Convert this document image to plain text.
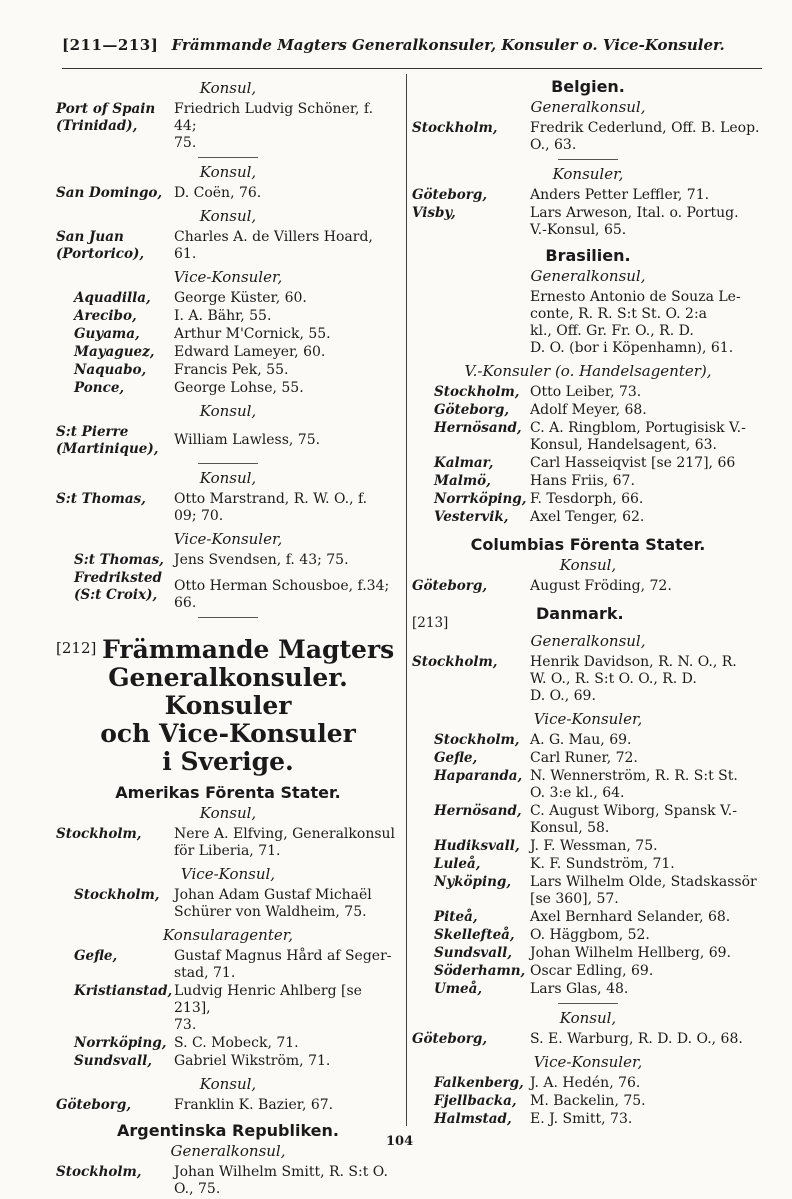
[211—213] Främmande Magters Generalkonsuler, Konsuler o. Vice-Konsuler.
Konsul,
Port of Spain
(Trinidad),
Friedrich Ludvig Schöner, f. 44;
75.
Konsul,
San Domingo, D. Coën, 76.
Konsul,
San Juan
(Portorico),
Charles A. de Villers Hoard,
61.
Vice-Konsuler,
Aquadilla,	George Küster, 60.
Arecibo,	I. A. Bähr, 55.
Guyama,	Arthur M'Cornick, 55.
Mayaguez,	Edward Lameyer, 60.
Naquabo,	Francis Pek, 55.
Ponce,	George Lohse, 55.
Konsul,
S:t Pierre
(Martinique),
William Lawless, 75.
Konsul,
S:t Thomas,	Otto Marstrand, R. W. O., f.
09; 70.
Vice-Konsuler,
S:t Thomas, Jens Svendsen, f. 43; 75.
Fredriksted
(S:t Croix),
Otto Herman Schousboe, f.34; 66.
[212] Främmande Magters
Generalkonsuler. Konsuler
och Vice-Konsuler
i Sverige.
Amerikas Förenta Stater.
Konsul,
Stockholm,	Nere A. Elfving, Generalkonsul
för Liberia, 71.
Vice-Konsul,
Stockholm,	Johan Adam Gustaf Michaël
Schürer von Waldheim, 75.
Konsularagenter,
Gefle,	Gustaf Magnus Hård af Seger-
stad, 71.
Kristianstad, Ludvig Henric Ahlberg [se 213],
73.
Norrköping, S. C. Mobeck, 71.
Sundsvall,	Gabriel Wikström, 71.
Konsul,
Göteborg,	Franklin K. Bazier, 67.
Argentinska Republiken.
Generalkonsul,
Stockholm,	Johan Wilhelm Smitt, R. S:t O.
O., 75.
Belgien.
Generalkonsul,
Stockholm,	Fredrik Cederlund, Off. B. Leop.
O., 63.
Konsuler,
Göteborg,	Anders Petter Leffler, 71.
Visby,	Lars Arweson, Ital. o. Portug.
V.-Konsul, 65.
Brasilien.
Generalkonsul,
Ernesto Antonio de Souza Le-
conte, R. R. S:t St. O. 2:a
kl., Off. Gr. Fr. O., R. D.
D. O. (bor i Köpenhamn), 61.
V.-Konsuler (o. Handelsagenter),
Stockholm, Otto Leiber, 73.
Göteborg,	Adolf Meyer, 68.
Hernösand, C. A. Ringblom, Portugisisk V.-
Konsul, Handelsagent, 63.
Kalmar,	Carl Hasseiqvist [se 217], 66
Malmö,	Hans Friis, 67.
Norrköping, F. Tesdorph, 66.
Vestervik,	Axel Tenger, 62.
Columbias Förenta Stater.
Konsul,
Göteborg,	August Fröding, 72.
[213]	Danmark.
Generalkonsul,
Stockholm,	Henrik Davidson, R. N. O., R.
W. O., R. S:t O. O., R. D.
D. O., 69.
Vice-Konsuler,
Stockholm, A. G. Mau, 69.
Gefle,	Carl Runer, 72.
Haparanda, N. Wennerström, R. R. S:t St.
O. 3:e kl., 64.
Hernösand, C. August Wiborg, Spansk V.-
Konsul, 58.
Hudiksvall, J. F. Wessman, 75.
Luleå,	K. F. Sundström, 71.
Nyköping,	Lars Wilhelm Olde, Stadskassör
[se 360], 57.
Piteå,	Axel Bernhard Selander, 68.
Skellefteå,	O. Häggbom, 52.
Sundsvall,	Johan Wilhelm Hellberg, 69.
Söderhamn, Oscar Edling, 69.
Umeå,	Lars Glas, 48.
Konsul,
Göteborg,	S. E. Warburg, R. D. D. O., 68.
Vice-Konsuler,
Falkenberg, J. A. Hedén, 76.
Fjellbacka, M. Backelin, 75.
Halmstad,	E. J. Smitt, 73.
104
